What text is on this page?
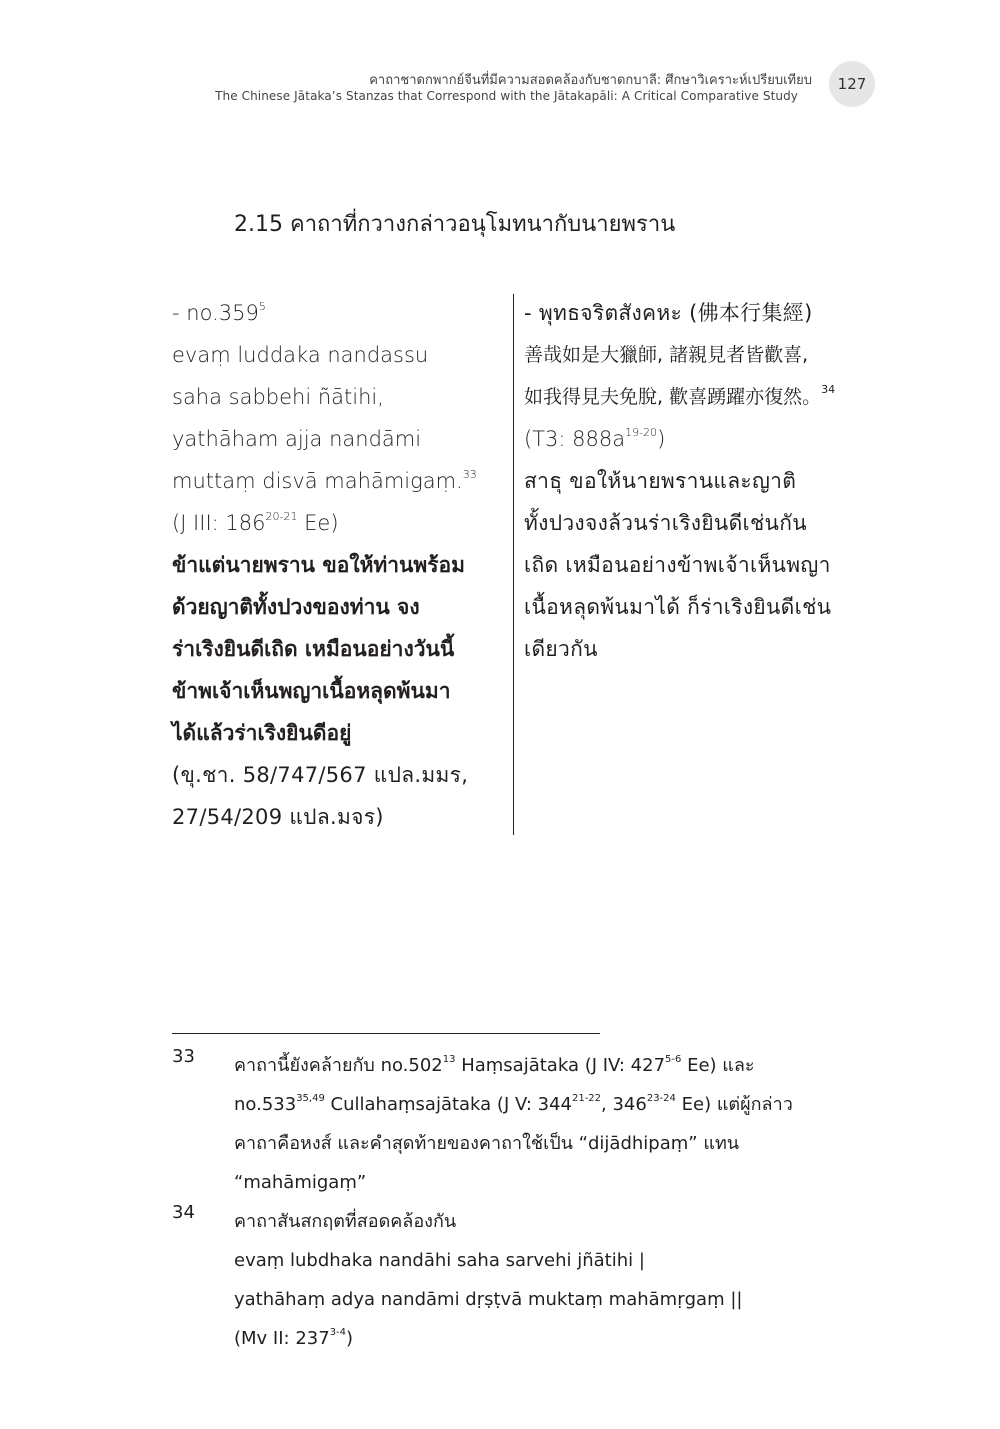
คาถาชาดกพากย์จีนที่มีความสอดคล้องกับชาดกบาลี: ศึกษาวิเคราะห์เปรียบเทียบ
The Chinese Jātaka’s Stanzas that Correspond with the Jātakapāli: A Critical Comparative Study
127
2.15 คาถาที่กวางกล่าวอนุโมทนากับนายพราน
- no.359$^5$
evaṃ luddaka nandassu
saha sabbehi ñātihi,
yathāham ajja nandāmi
muttaṃ disvā mahāmigaṃ.$^{33}$
(J III: 186$^{20-21}$ Ee)
ข้าแต่นายพราน ขอให้ท่านพร้อม
ด้วยญาติทั้งปวงของท่าน จง
ร่าเริงยินดีเถิด เหมือนอย่างวันนี้
ข้าพเจ้าเห็นพญาเนื้อหลุดพ้นมา
ได้แล้วร่าเริงยินดีอยู่
(ขุ.ชา. 58/747/567 แปล.มมร,
27/54/209 แปล.มจร)
- พุทธจริตสังคหะ (佛本行集經)
善哉如是大獵師, 諸親見者皆歡喜,
如我得見夫免脫, 歡喜踴躍亦復然。$^{34}$
(T3: $888a^{19-20}$)
สาธุ ขอให้นายพรานและญาติ
ทั้งปวงจงล้วนร่าเริงยินดีเช่นกัน
เถิด เหมือนอย่างข้าพเจ้าเห็นพญา
เนื้อหลุดพ้นมาได้ ก็ร่าเริงยินดีเช่น
เดียวกัน
33 คาถานี้ยังคล้ายกับ no.502$^{13}$ Haṃsajātaka (J IV: 427$^{5-6}$ Ee) และ
no.533$^{35,49}$ Cullahaṃsajātaka (J V: 344$^{21-22}$, 346$^{23-24}$ Ee) แต่ผู้กล่าว
คาถาคือหงส์ และคำสุดท้ายของคาถาใช้เป็น “dijādhipaṃ” แทน
“mahāmigaṃ”
34 คาถาสันสกฤตที่สอดคล้องกัน
evaṃ lubdhaka nandāhi saha sarvehi jñātihi |
yathāhaṃ adya nandāmi dṛṣṭvā muktaṃ mahāmṛgaṃ ||
(Mv II: 237$^{3-4}$)
